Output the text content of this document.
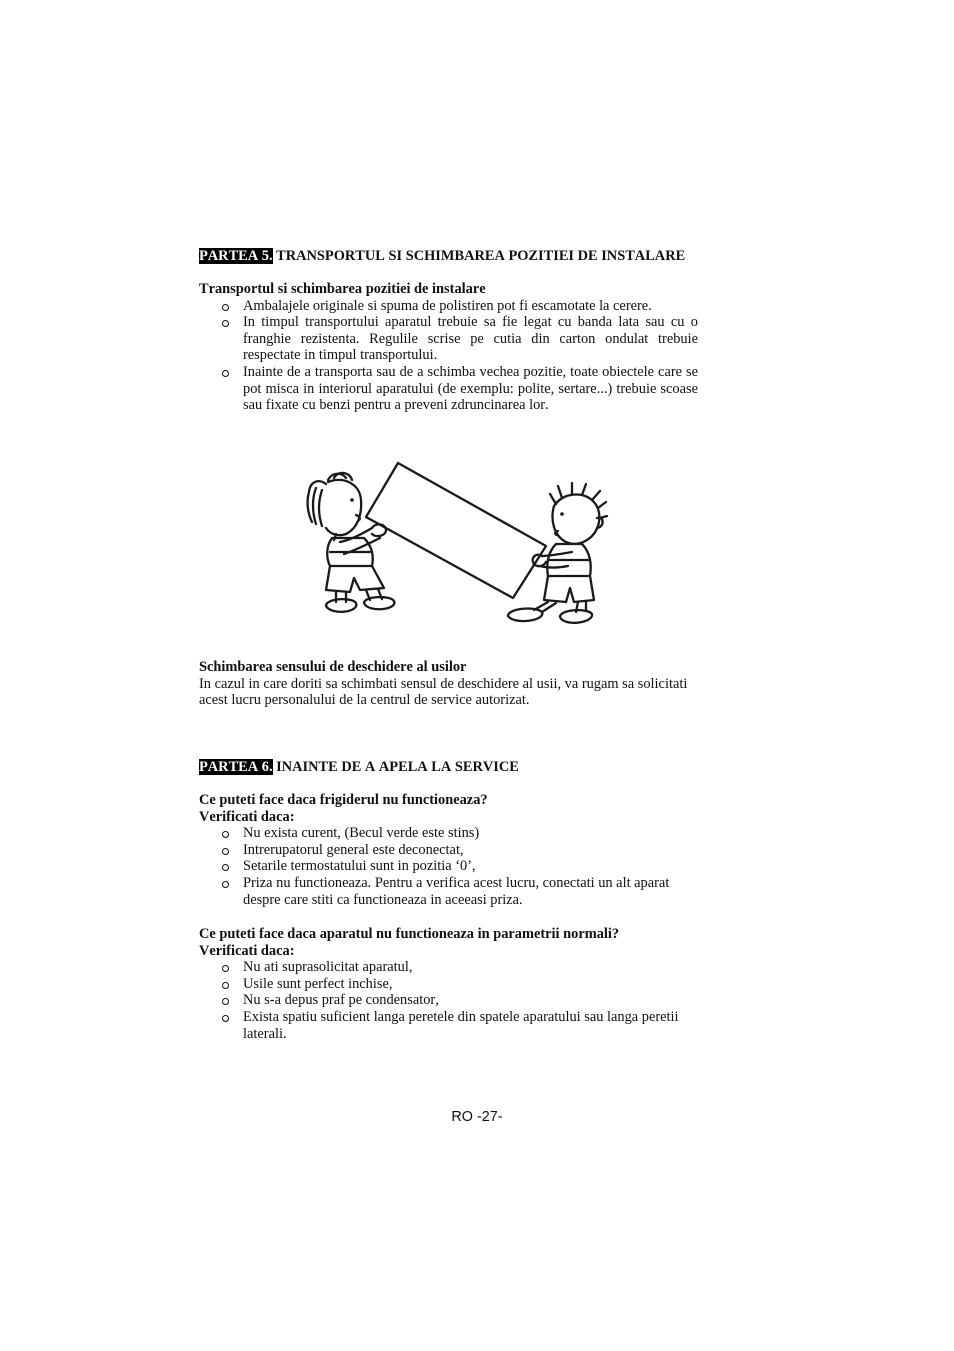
PARTEA 5. TRANSPORTUL SI SCHIMBAREA POZITIEI DE INSTALARE

Transportul si schimbarea pozitiei de instalare

Ambalajele originale si spuma de polistiren pot fi escamotate la cerere.
In timpul transportului aparatul trebuie sa fie legat cu banda lata sau cu o franghie rezistenta. Regulile scrise pe cutia din carton ondulat trebuie respectate in timpul transportului.
Inainte de a transporta sau de a schimba vechea pozitie, toate obiectele care se pot misca in interiorul aparatului (de exemplu: polite, sertare...) trebuie scoase sau fixate cu benzi pentru a preveni zdruncinarea lor.

Schimbarea sensului de deschidere al usilor

In cazul in care doriti sa schimbati sensul de deschidere al usii, va rugam sa solicitati acest lucru personalului de la centrul de service autorizat.

PARTEA 6. INAINTE DE A APELA LA SERVICE

Ce puteti face daca frigiderul nu functioneaza?

Verificati daca:

Nu exista curent, (Becul verde este stins)
Intrerupatorul general este deconectat,
Setarile termostatului sunt in pozitia ‘0’,
Priza nu functioneaza. Pentru a verifica acest lucru, conectati un alt aparat despre care stiti ca functioneaza in aceeasi priza.

Ce puteti face daca aparatul nu functioneaza in parametrii normali?

Verificati daca:

Nu ati suprasolicitat aparatul,
Usile sunt perfect inchise,
Nu s-a depus praf pe condensator,
Exista spatiu suficient langa peretele din spatele aparatului sau langa peretii laterali.
RO -27-
